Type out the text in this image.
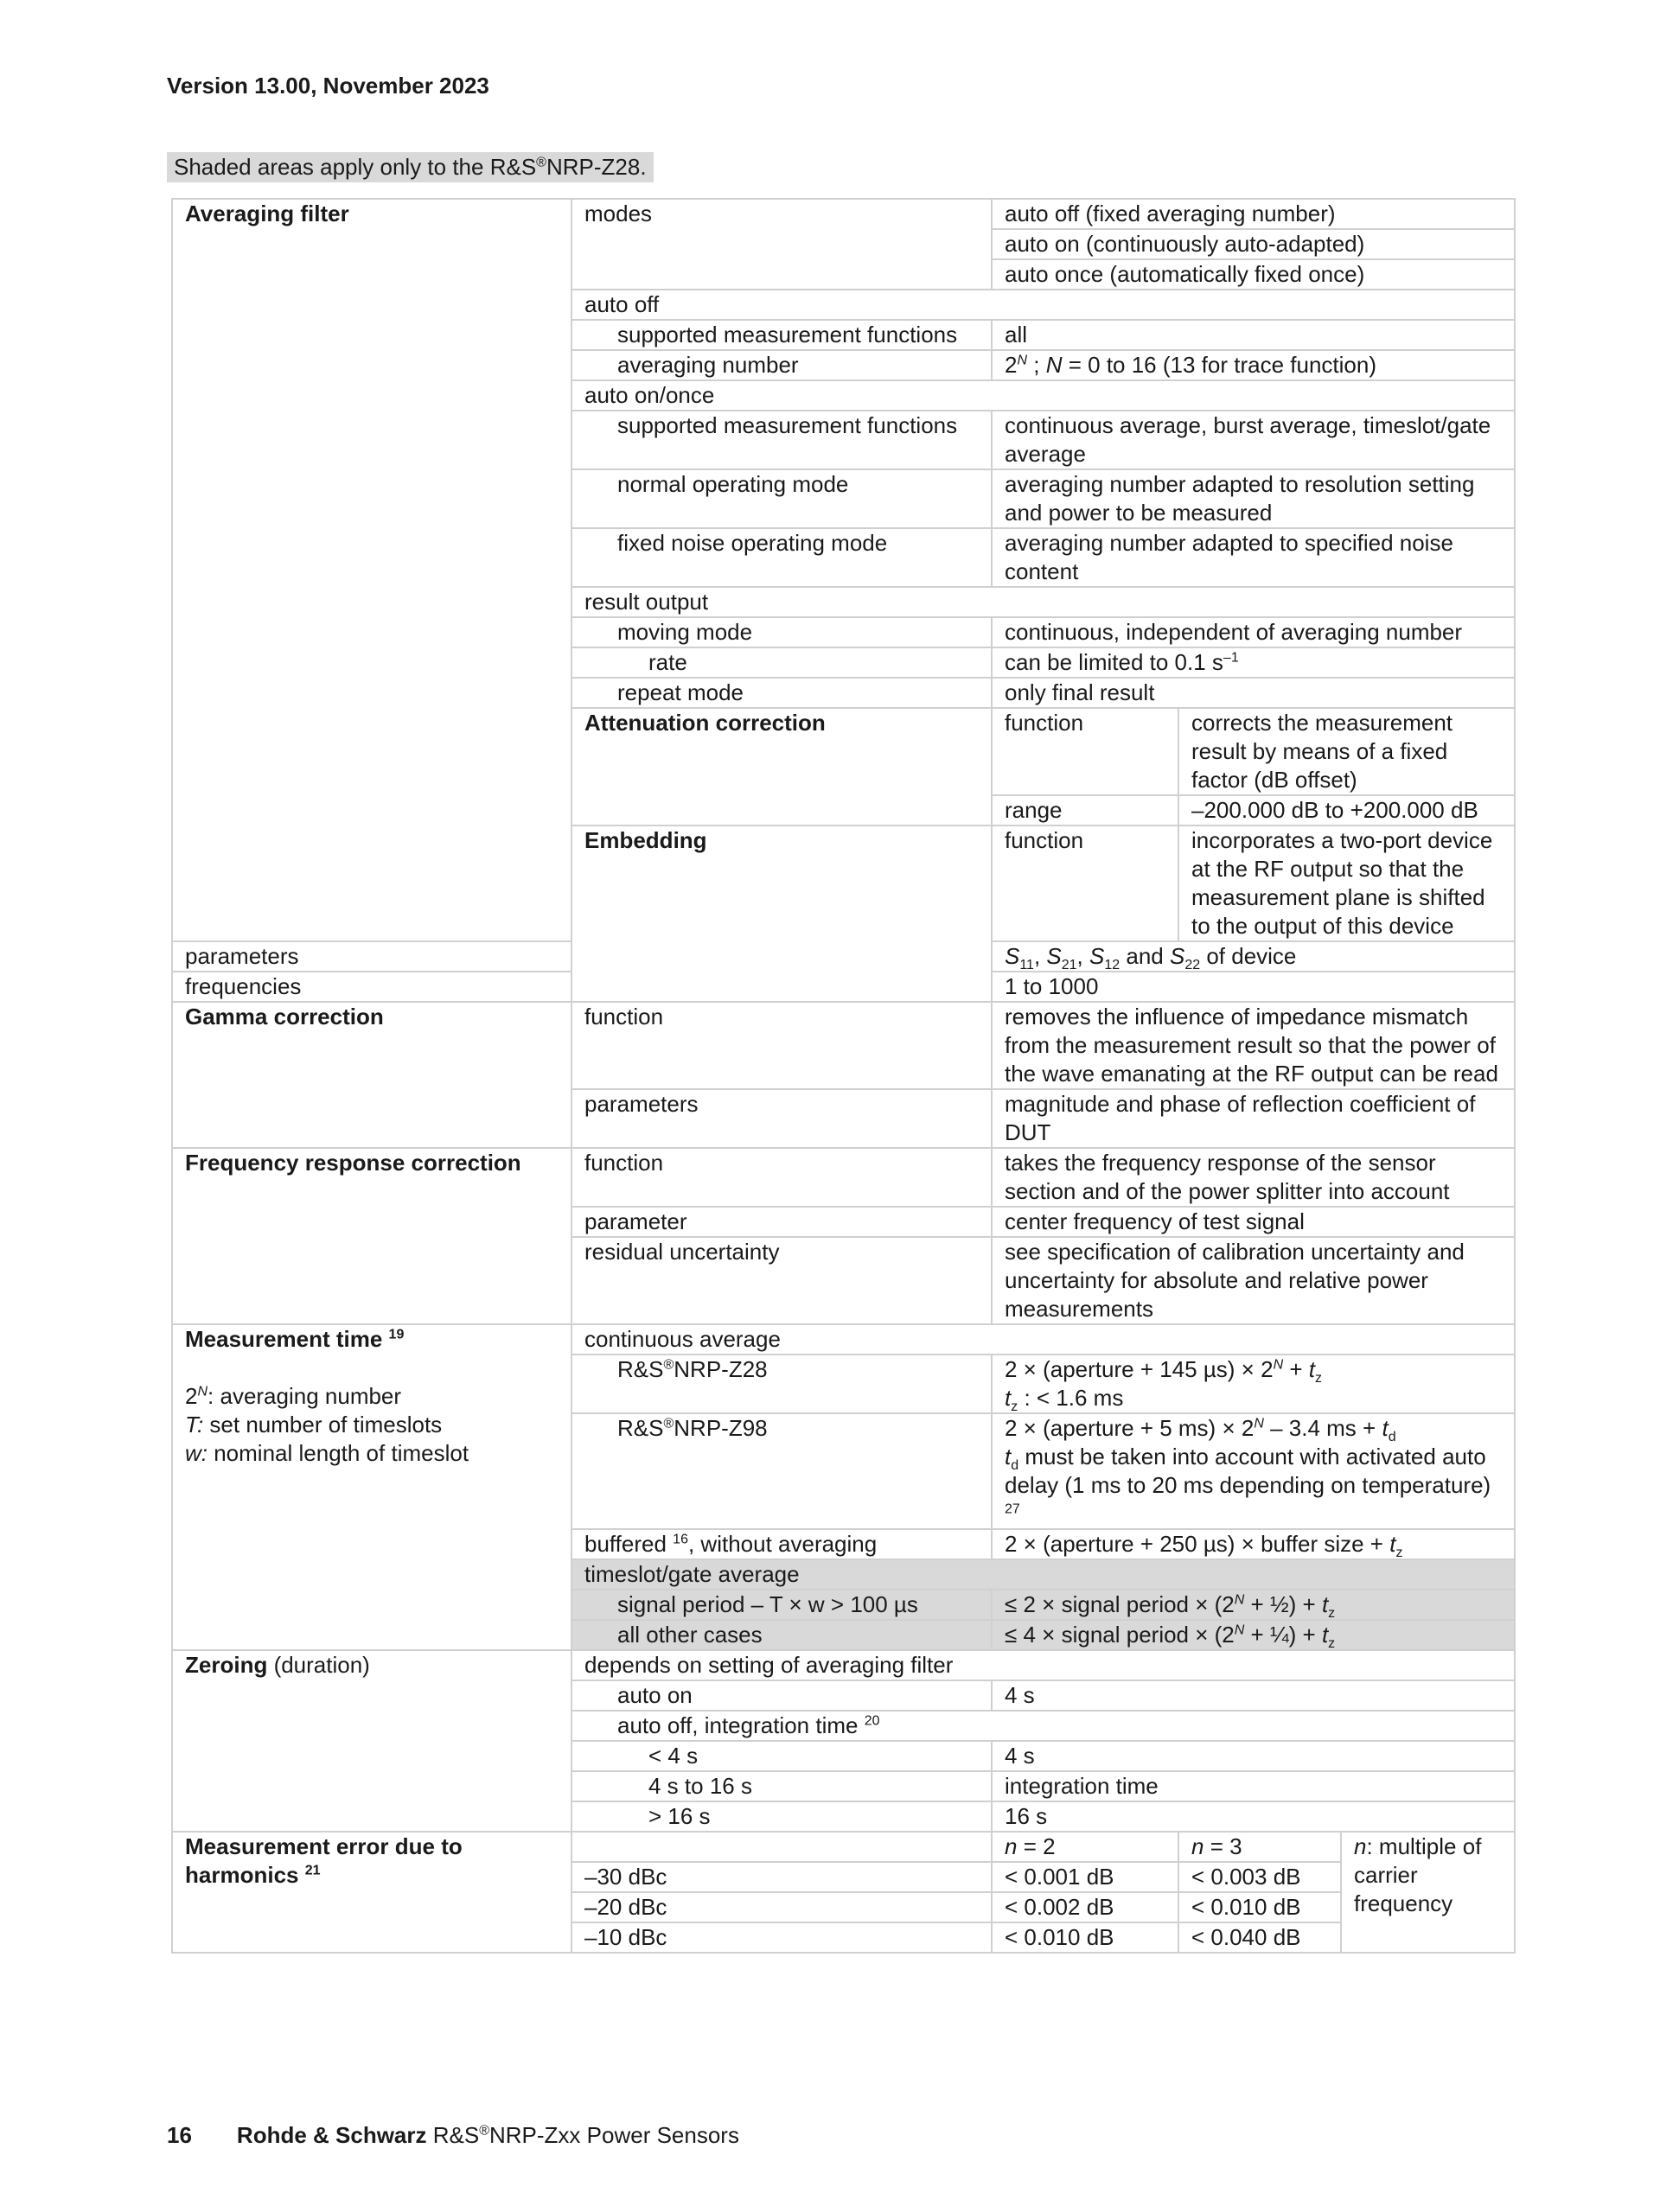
Version 13.00, November 2023
Shaded areas apply only to the R&S®NRP-Z28.
Averaging filter	modes	auto off (fixed averaging number)		
		auto on (continuously auto-adapted)		
		auto once (automatically fixed once)		
	auto off			
	supported measurement functions	all		
	averaging number	$2^N$ ; N = 0 to 16 (13 for trace function)		
	auto on/once			
	supported measurement functions	continuous average, burst average, timeslot/gate average		
	normal operating mode	averaging number adapted to resolution setting and power to be measured		
	fixed noise operating mode	averaging number adapted to specified noise content		
	result output			
	moving mode	continuous, independent of averaging number		
	rate	can be limited to 0.1 $s^{-1}$
	repeat mode	only final result		
	Attenuation correction	function	corrects the measurement result by means of a fixed factor (dB offset)	
		range	–200.000 dB to +200.000 dB	
	Embedding	function	incorporates a two-port device at the RF output so that the measurement plane is shifted to the output of this device	
parameters		$S_{11}$, $S_{21}$, $S_{12}$ and $S_{22}$ of device		
frequencies		1 to 1000		
Gamma correction	function	removes the influence of impedance mismatch from the measurement result so that the power of the wave emanating at the RF output can be read		
	parameters	magnitude and phase of reflection coefficient of DUT		
Frequency response correction	function	takes the frequency response of the sensor section and of the power splitter into account		
	parameter	center frequency of test signal		
	residual uncertainty	see specification of calibration uncertainty and uncertainty for absolute and relative power measurements		
Measurement time $^{19}$

$2^N$: averaging number
T: set number of timeslots
w: nominal length of timeslot	continuous average			
	R&S®NRP-Z28	2 × (aperture + 145 $\mu s) \times 2^N + t_z$
$t_z$ : < 1.6 ms		
	R&S®NRP-Z98	2 × (aperture + 5 $ms) \times 2^N - 3.4$ ms + $t_d$
$t_d$ must be taken into account with activated auto delay (1 ms to 20 ms depending on temperature) $^{27}$
	buffered $^{16}$, without averaging	2 × (aperture + 250 µs) × buffer size + $t_z$
	timeslot/gate average			
	signal period – T × w > 100 µs	≤ 2 × signal period × ($2^N$ + ½) + $t_z$
	all other cases	≤ 4 × signal period × ($2^N$ + ¼) + $t_z$
Zeroing (duration)	depends on setting of averaging filter			
	auto on	4 s		
	auto off, integration time $^{20}$
	< 4 s	4 s		
	4 s to 16 s	integration time		
	> 16 s	16 s		
Measurement error due to harmonics $^{21}$		n = 2	n = 3	n: multiple of carrier frequency
	–30 dBc	< 0.001 dB	< 0.003 dB	
	–20 dBc	< 0.002 dB	< 0.010 dB	
	–10 dBc	< 0.010 dB	< 0.040 dB	
16 Rohde & Schwarz R&S®NRP-Zxx Power Sensors
